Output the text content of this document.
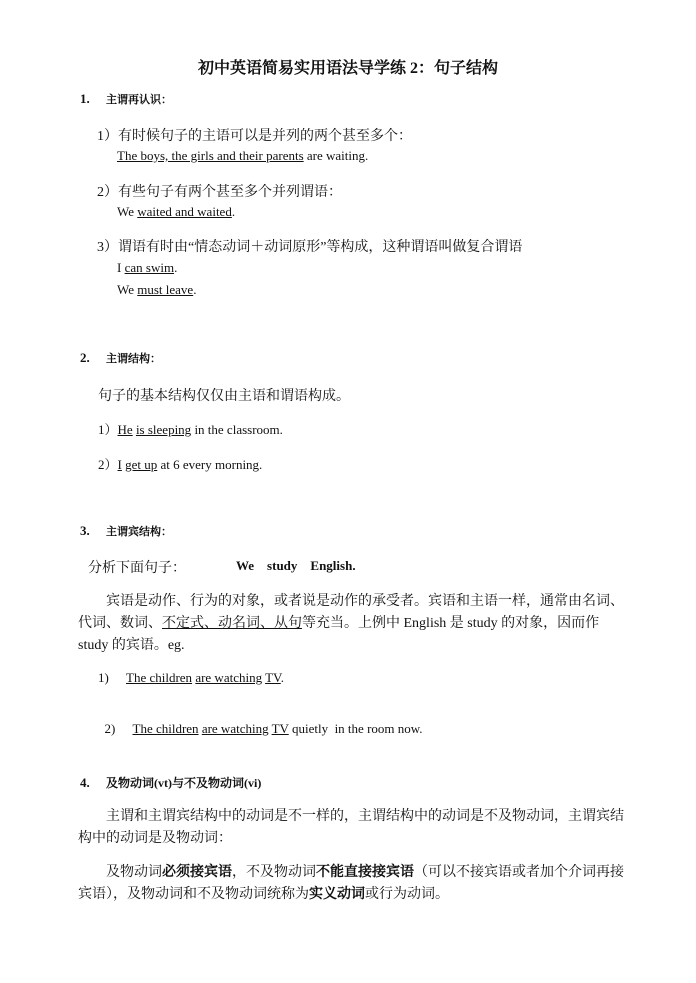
初中英语简易实用语法导学练 2：句子结构
1. 主谓再认识：
1）有时候句子的主语可以是并列的两个甚至多个：
The boys, the girls and their parents are waiting.
2）有些句子有两个甚至多个并列谓语：
We waited and waited.
3）谓语有时由“情态动词＋动词原形”等构成，这种谓语叫做复合谓语
I can swim.
We must leave.
2. 主谓结构：
句子的基本结构仅仅由主语和谓语构成。
1）He is sleeping in the classroom.
2）I get up at 6 every morning.
3. 主谓宾结构：
分析下面句子：	We    study    English.
宾语是动作、行为的对象，或者说是动作的承受者。宾语和主语一样，通常由名词、代词、数词、不定式、动名词、从句等充当。上例中 English 是 study 的对象，因而作 study 的宾语。eg.
1) The children are watching TV.

2) The children are watching TV quietly  in the room now.

4. 及物动词(vt)与不及物动词(vi)
主谓和主谓宾结构中的动词是不一样的，主谓结构中的动词是不及物动词，主谓宾结构中的动词是及物动词：
及物动词必须接宾语，不及物动词不能直接接宾语（可以不接宾语或者加个介词再接宾语），及物动词和不及物动词统称为实义动词或行为动词。
